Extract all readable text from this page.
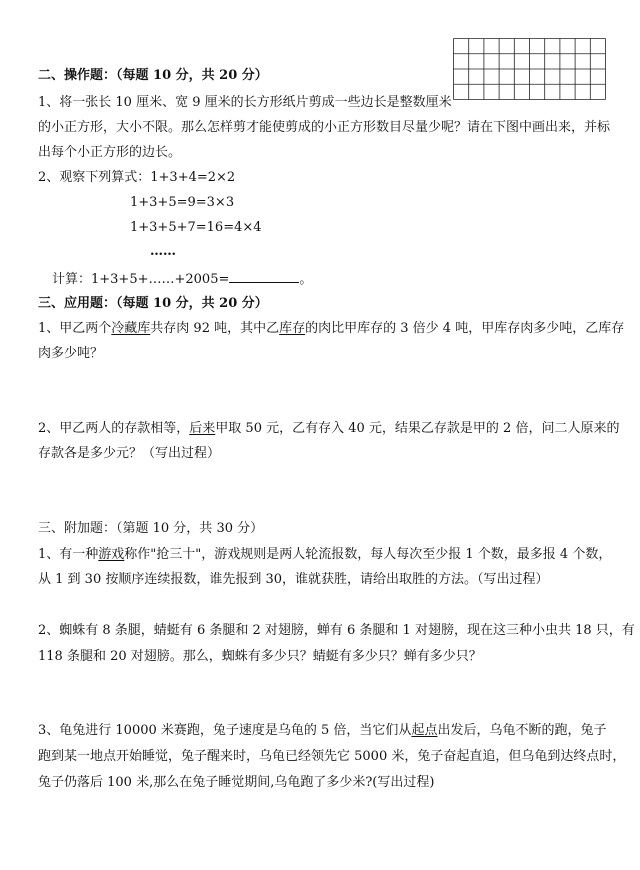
二、操作题：（每题 10 分，共 20 分）
1、将一张长 10 厘米、宽 9 厘米的长方形纸片剪成一些边长是整数厘米
的小正方形，大小不限。那么怎样剪才能使剪成的小正方形数目尽量少呢？请在下图中画出来，并标
出每个小正方形的边长。
2、观察下列算式：1+3+4=2×2
1+3+5=9=3×3
1+3+5+7=16=4×4
……
计算：1+3+5+……+2005=	。
三、应用题：（每题 10 分，共 20 分）
1、甲乙两个冷藏库共存肉 92 吨，其中乙库存的肉比甲库存的 3 倍少 4 吨，甲库存肉多少吨，乙库存
肉多少吨？
2、甲乙两人的存款相等，后来甲取 50 元，乙有存入 40 元，结果乙存款是甲的 2 倍，问二人原来的
存款各是多少元？（写出过程）
三、附加题：（第题 10 分，共 30 分）
1、有一种游戏称作"抢三十"，游戏规则是两人轮流报数，每人每次至少报 1 个数，最多报 4 个数，
从 1 到 30 按顺序连续报数，谁先报到 30，谁就获胜，请给出取胜的方法。（写出过程）
2、蜘蛛有 8 条腿，蜻蜓有 6 条腿和 2 对翅膀，蝉有 6 条腿和 1 对翅膀，现在这三种小虫共 18 只，有
118 条腿和 20 对翅膀。那么，蜘蛛有多少只？蜻蜓有多少只？蝉有多少只？
3、龟兔进行 10000 米赛跑，兔子速度是乌龟的 5 倍，当它们从起点出发后，乌龟不断的跑，兔子
跑到某一地点开始睡觉，兔子醒来时，乌龟已经领先它 5000 米，兔子奋起直追，但乌龟到达终点时，
兔子仍落后 100 米,那么在兔子睡觉期间,乌龟跑了多少米?(写出过程)
